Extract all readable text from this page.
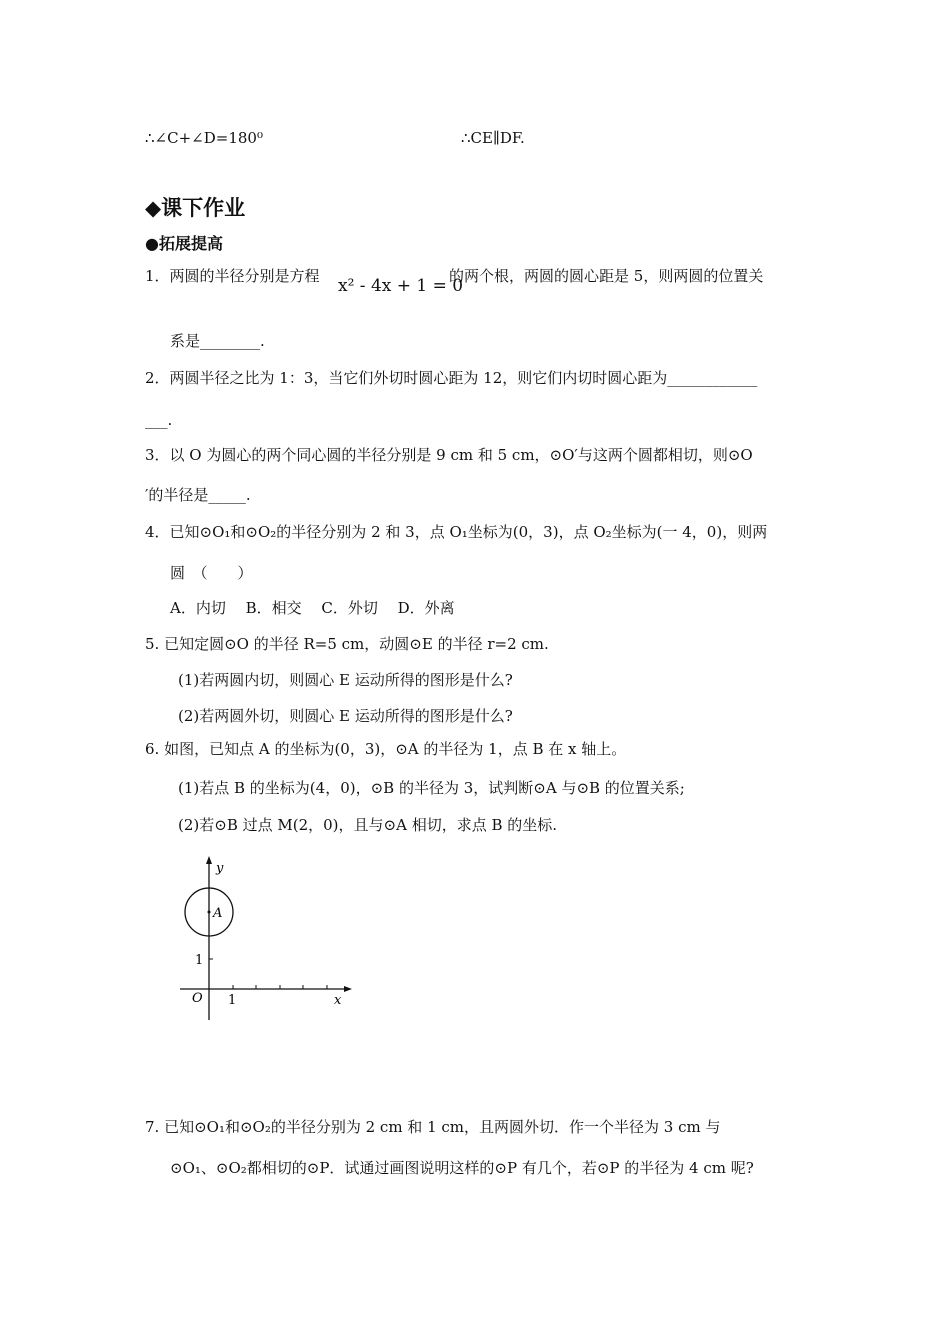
∴∠C+∠D=180⁰	∴CE∥DF.
◆课下作业
●拓展提高
1．两圆的半径分别是方程 x² - 4x + 1 = 0
的两个根，两圆的圆心距是 5，则两圆的位置关
系是________.
2．两圆半径之比为 1：3，当它们外切时圆心距为 12，则它们内切时圆心距为____________
___.
3．以 O 为圆心的两个同心圆的半径分别是 9 cm 和 5 cm，⊙O′与这两个圆都相切，则⊙O
′的半径是_____.
4．已知⊙O₁和⊙O₂的半径分别为 2 和 3，点 O₁坐标为(0，3)，点 O₂坐标为(一 4，0)，则两
圆　（　　）
A．内切　 B．相交　 C．外切　 D．外离
5. 已知定圆⊙O 的半径 R=5 cm，动圆⊙E 的半径 r=2 cm.
(1)若两圆内切，则圆心 E 运动所得的图形是什么?
(2)若两圆外切，则圆心 E 运动所得的图形是什么?
6. 如图，已知点 A 的坐标为(0，3)，⊙A 的半径为 1，点 B 在 x 轴上。
(1)若点 B 的坐标为(4，0)，⊙B 的半径为 3，试判断⊙A 与⊙B 的位置关系;
(2)若⊙B 过点 M(2，0)，且与⊙A 相切，求点 B 的坐标.
y
x
A
O 1
1
7. 已知⊙O₁和⊙O₂的半径分别为 2 cm 和 1 cm，且两圆外切．作一个半径为 3 cm 与
⊙O₁、⊙O₂都相切的⊙P．试通过画图说明这样的⊙P 有几个，若⊙P 的半径为 4 cm 呢?
